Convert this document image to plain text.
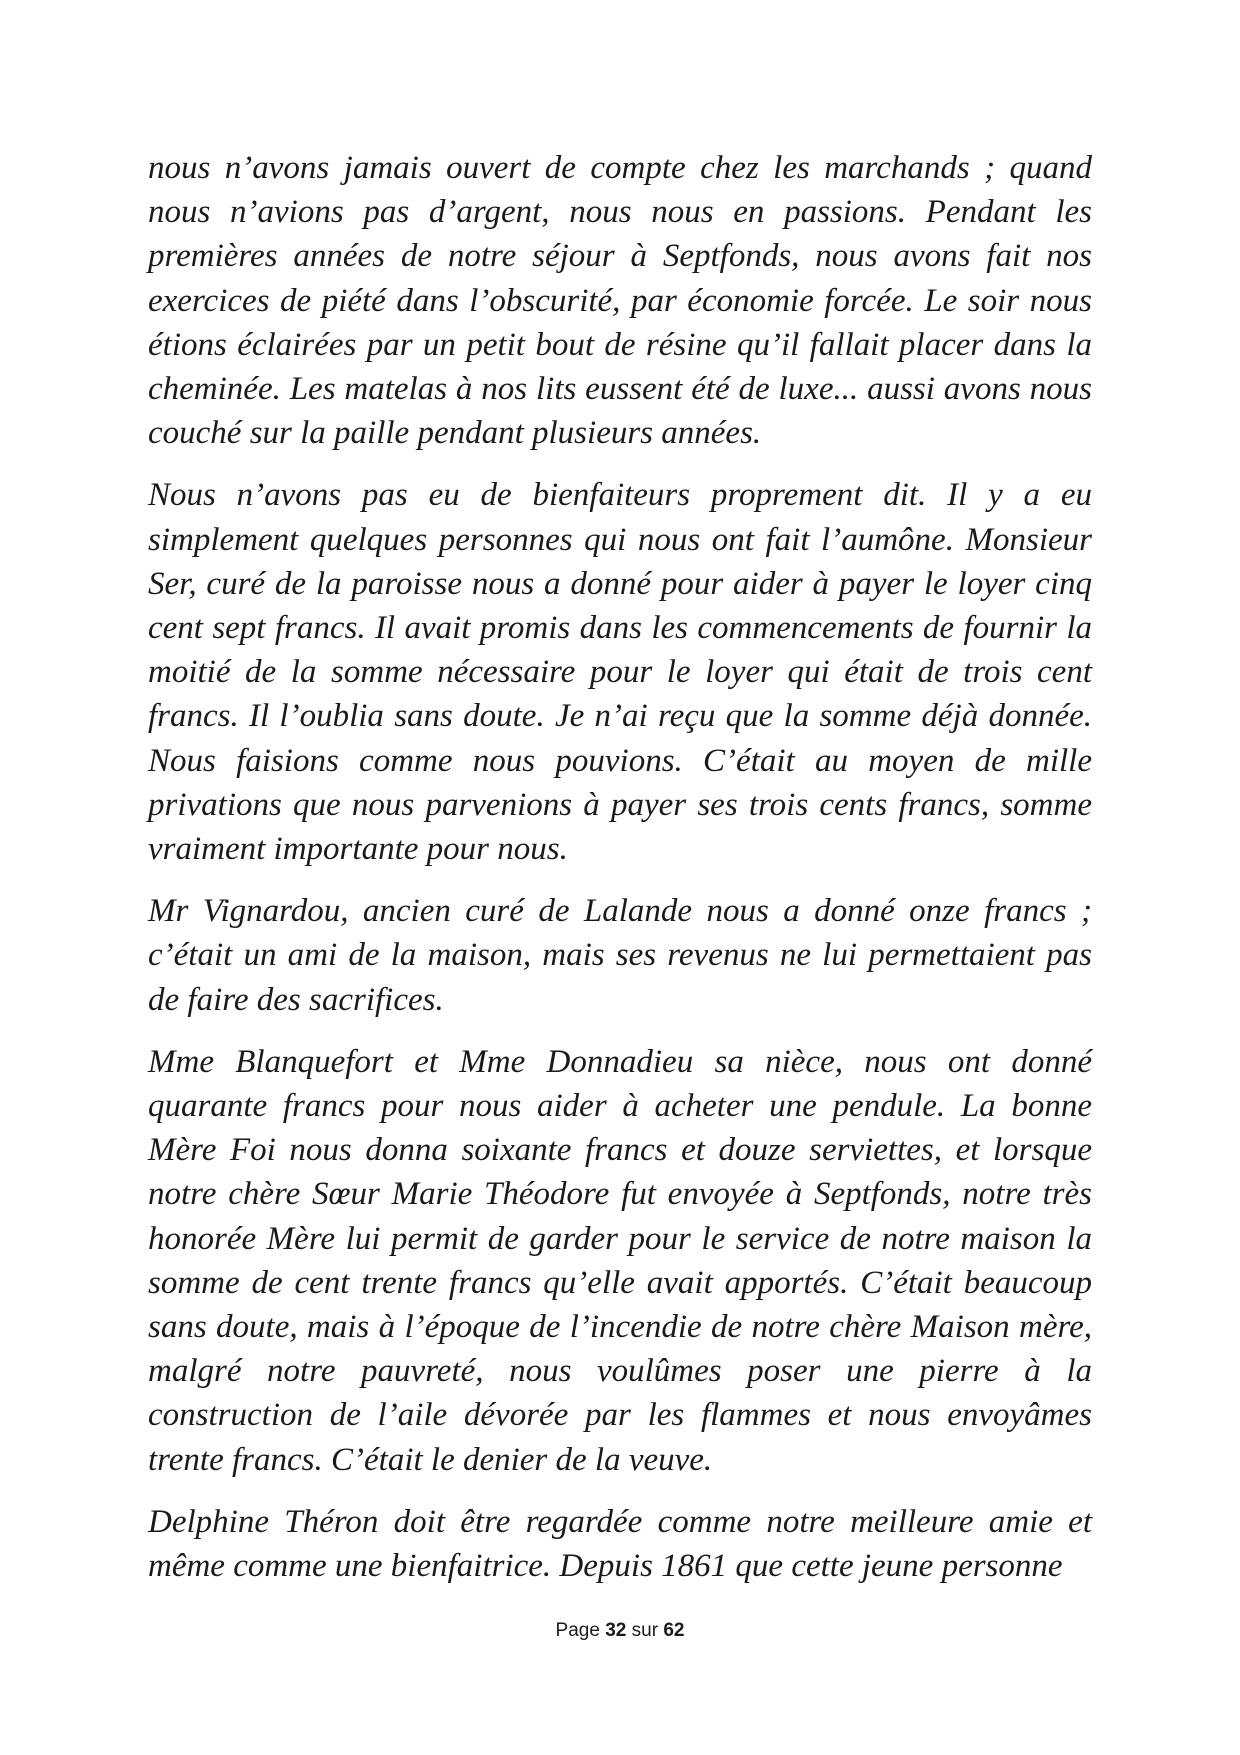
nous n’avons jamais ouvert de compte chez les marchands ; quand nous n’avions pas d’argent, nous nous en passions. Pendant les premières années de notre séjour à Septfonds, nous avons fait nos exercices de piété dans l’obscurité, par économie forcée. Le soir nous étions éclairées par un petit bout de résine qu’il fallait placer dans la cheminée. Les matelas à nos lits eussent été de luxe... aussi avons nous couché sur la paille pendant plusieurs années.

Nous n’avons pas eu de bienfaiteurs proprement dit. Il y a eu simplement quelques personnes qui nous ont fait l’aumône. Monsieur Ser, curé de la paroisse nous a donné pour aider à payer le loyer cinq cent sept francs. Il avait promis dans les commencements de fournir la moitié de la somme nécessaire pour le loyer qui était de trois cent francs. Il l’oublia sans doute. Je n’ai reçu que la somme déjà donnée. Nous faisions comme nous pouvions. C’était au moyen de mille privations que nous parvenions à payer ses trois cents francs, somme vraiment importante pour nous.

Mr Vignardou, ancien curé de Lalande nous a donné onze francs ; c’était un ami de la maison, mais ses revenus ne lui permettaient pas de faire des sacrifices.

Mme Blanquefort et Mme Donnadieu sa nièce, nous ont donné quarante francs pour nous aider à acheter une pendule. La bonne Mère Foi nous donna soixante francs et douze serviettes, et lorsque notre chère Sœur Marie Théodore fut envoyée à Septfonds, notre très honorée Mère lui permit de garder pour le service de notre maison la somme de cent trente francs qu’elle avait apportés. C’était beaucoup sans doute, mais à l’époque de l’incendie de notre chère Maison mère, malgré notre pauvreté, nous voulûmes poser une pierre à la construction de l’aile dévorée par les flammes et nous envoyâmes trente francs. C’était le denier de la veuve.

Delphine Théron doit être regardée comme notre meilleure amie et même comme une bienfaitrice. Depuis 1861 que cette jeune personne

Page 32 sur 62
